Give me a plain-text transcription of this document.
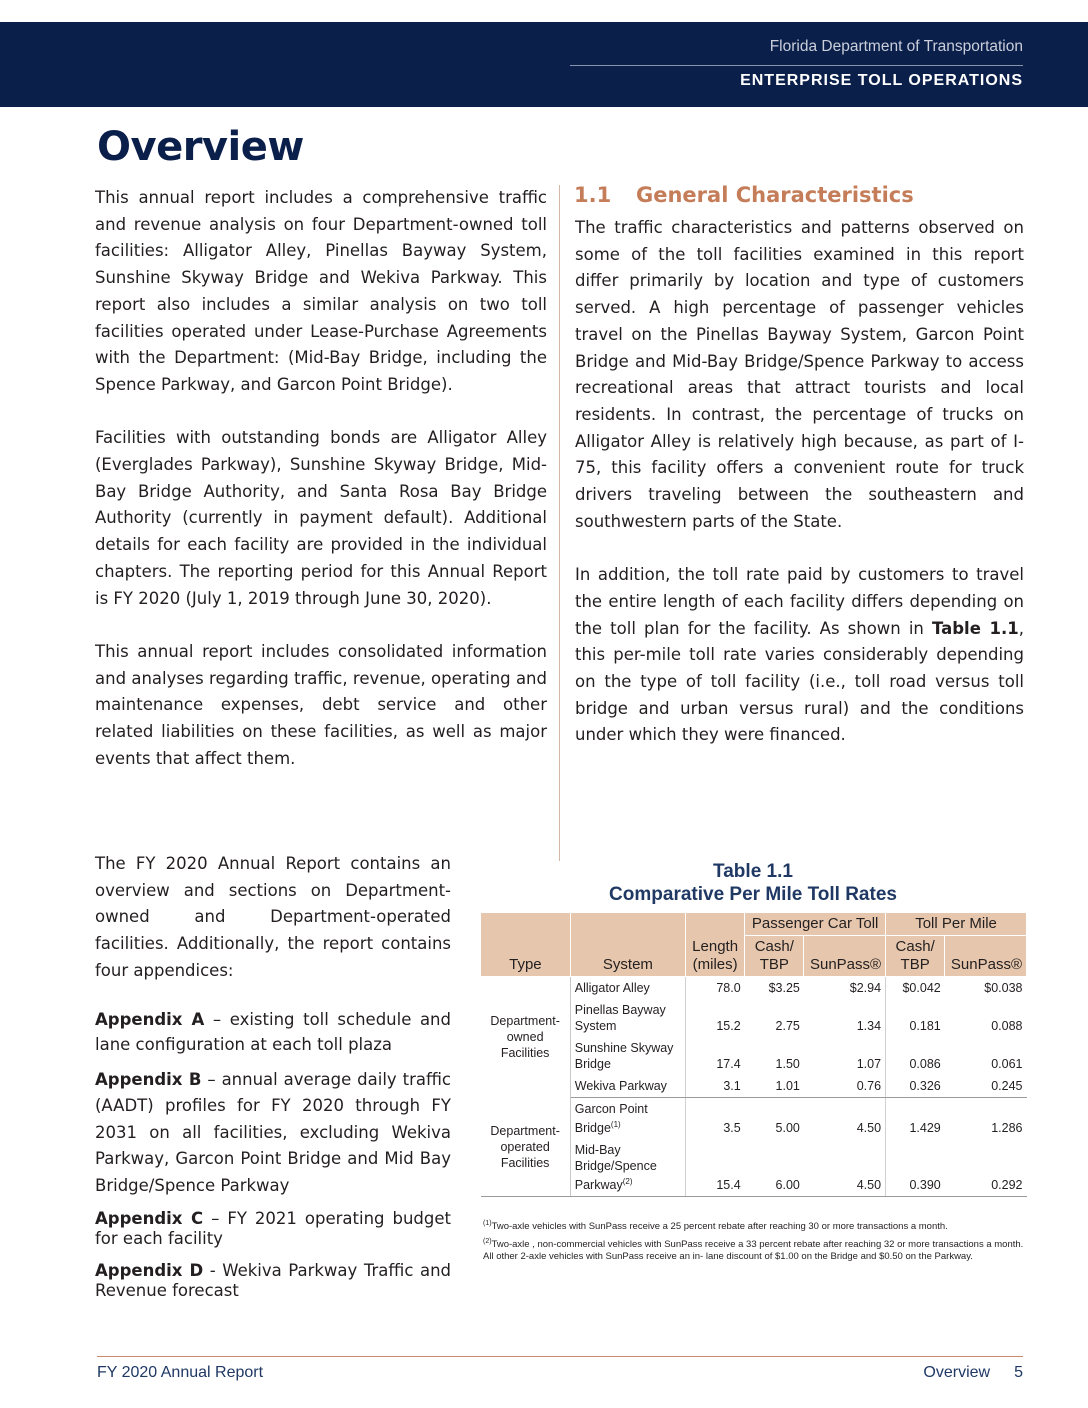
Florida Department of Transportation
ENTERPRISE TOLL OPERATIONS
Overview

This annual report includes a comprehensive traffic and revenue analysis on four Department-owned toll facilities: Alligator Alley, Pinellas Bayway System, Sunshine Skyway Bridge and Wekiva Parkway. This report also includes a similar analysis on two toll facilities operated under Lease-Purchase Agreements with the Department: (Mid-Bay Bridge, including the Spence Parkway, and Garcon Point Bridge).

Facilities with outstanding bonds are Alligator Alley (Everglades Parkway), Sunshine Skyway Bridge, Mid-Bay Bridge Authority, and Santa Rosa Bay Bridge Authority (currently in payment default). Additional details for each facility are provided in the individual chapters. The reporting period for this Annual Report is FY 2020 (July 1, 2019 through June 30, 2020).

This annual report includes consolidated information and analyses regarding traffic, revenue, operating and maintenance expenses, debt service and other related liabilities on these facilities, as well as major events that affect them.

1.1 General Characteristics

The traffic characteristics and patterns observed on some of the toll facilities examined in this report differ primarily by location and type of customers served. A high percentage of passenger vehicles travel on the Pinellas Bayway System, Garcon Point Bridge and Mid-Bay Bridge/Spence Parkway to access recreational areas that attract tourists and local residents. In contrast, the percentage of trucks on Alligator Alley is relatively high because, as part of I-75, this facility offers a convenient route for truck drivers traveling between the southeastern and southwestern parts of the State.

In addition, the toll rate paid by customers to travel the entire length of each facility differs depending on the toll plan for the facility. As shown in Table 1.1, this per-mile toll rate varies considerably depending on the type of toll facility (i.e., toll road versus toll bridge and urban versus rural) and the conditions under which they were financed.

The FY 2020 Annual Report contains an overview and sections on Department-owned and Department-operated facilities. Additionally, the report contains four appendices:

Appendix A – existing toll schedule and lane configuration at each toll plaza

Appendix B – annual average daily traffic (AADT) profiles for FY 2020 through FY 2031 on all facilities, excluding Wekiva Parkway, Garcon Point Bridge and Mid Bay Bridge/Spence Parkway

Appendix C – FY 2021 operating budget for each facility

Appendix D - Wekiva Parkway Traffic and Revenue forecast

Table 1.1
Comparative Per Mile Toll Rates
Type	System	Length (miles)	Passenger Car Toll		Toll Per Mile	
			Cash/ TBP	SunPass®	Cash/ TBP	SunPass®
Department-owned Facilities	Alligator Alley	78.0	$3.25	$2.94	$0.042	$0.038
	Pinellas Bayway System	15.2	2.75	1.34	0.181	0.088
	Sunshine Skyway Bridge	17.4	1.50	1.07	0.086	0.061
	Wekiva Parkway	3.1	1.01	0.76	0.326	0.245
Department-operated Facilities	Garcon Point Bridge$^{(1)}$	3.5	5.00	4.50	1.429	1.286
	Mid-Bay Bridge/Spence Parkway$^{(2)}$	15.4	6.00	4.50	0.390	0.292
$^{(1)}$Two-axle vehicles with SunPass receive a 25 percent rebate after reaching 30 or more transactions a month.
$^{(2)}$Two-axle , non-commercial vehicles with SunPass receive a 33 percent rebate after reaching 32 or more transactions a month. All other 2-axle vehicles with SunPass receive an in- lane discount of $1.00 on the Bridge and $0.50 on the Parkway.
FY 2020 Annual Report	Overview 5
